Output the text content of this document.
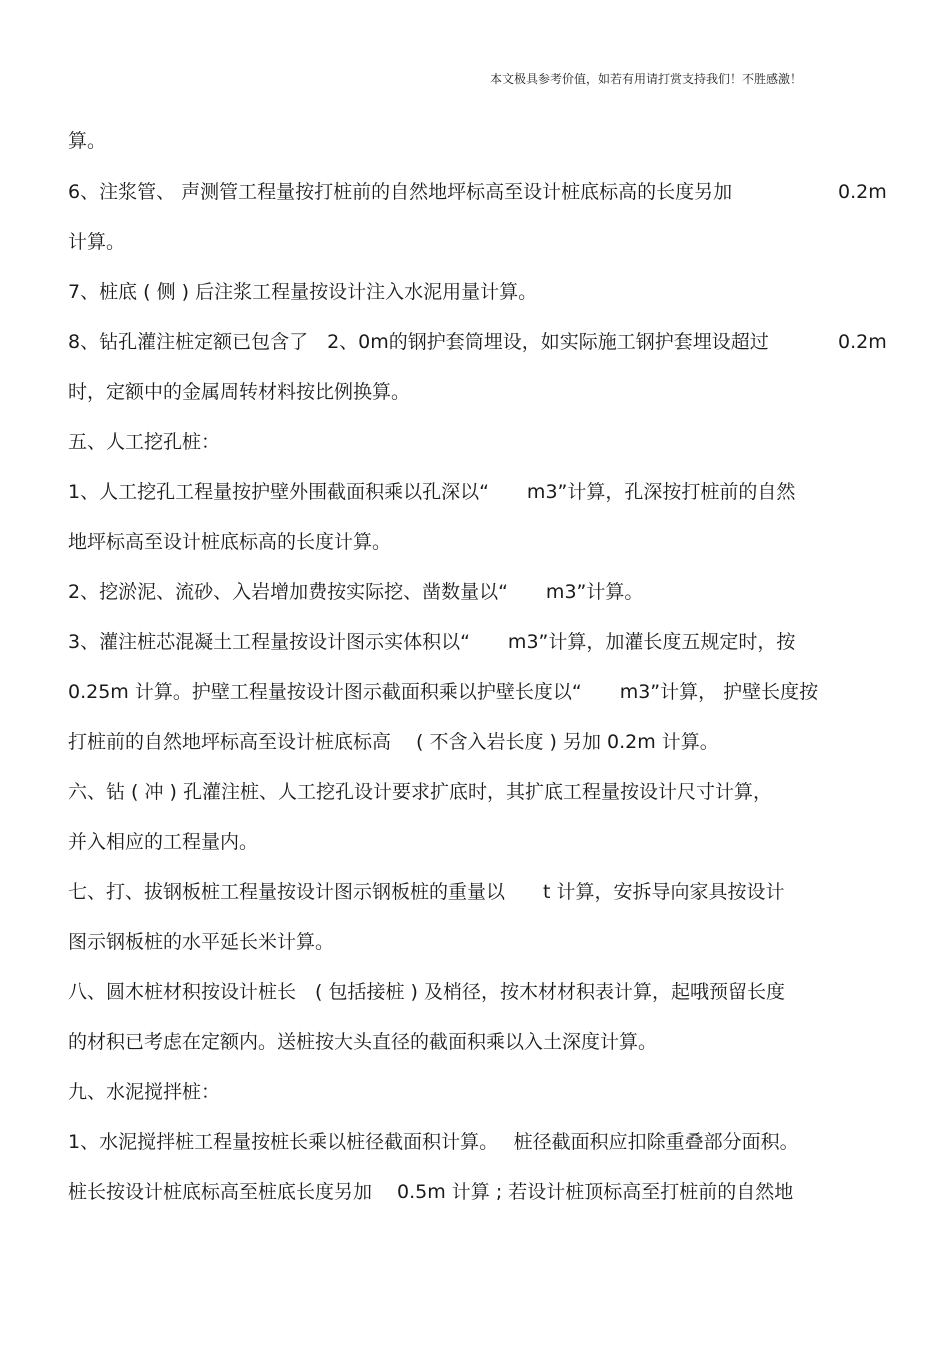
本文极具参考价值，如若有用请打赏支持我们！不胜感激！
算。
6、注浆管、 声测管工程量按打桩前的自然地坪标高至设计桩底标高的长度另加	0.2m
计算。
7、桩底 ( 侧 ) 后注浆工程量按设计注入水泥用量计算。
8、钻孔灌注桩定额已包含了　2、0m的钢护套筒埋设，如实际施工钢护套埋设超过	0.2m
时，定额中的金属周转材料按比例换算。
五、人工挖孔桩：
1、人工挖孔工程量按护壁外围截面积乘以孔深以“　　m3”计算，孔深按打桩前的自然
地坪标高至设计桩底标高的长度计算。
2、挖淤泥、流砂、入岩增加费按实际挖、凿数量以“　　m3”计算。
3、灌注桩芯混凝土工程量按设计图示实体积以“　　m3”计算，加灌长度五规定时，按
0.25m 计算。护壁工程量按设计图示截面积乘以护壁长度以“　　m3”计算， 护壁长度按
打桩前的自然地坪标高至设计桩底标高　 ( 不含入岩长度 ) 另加 0.2m 计算。
六、钻 ( 冲 ) 孔灌注桩、人工挖孔设计要求扩底时，其扩底工程量按设计尺寸计算，
并入相应的工程量内。
七、打、拔钢板桩工程量按设计图示钢板桩的重量以　　t 计算，安拆导向家具按设计
图示钢板桩的水平延长米计算。
八、圆木桩材积按设计桩长　( 包括接桩 ) 及梢径，按木材材积表计算，起哦预留长度
的材积已考虑在定额内。送桩按大头直径的截面积乘以入土深度计算。
九、水泥搅拌桩：
1、水泥搅拌桩工程量按桩长乘以桩径截面积计算。　 桩径截面积应扣除重叠部分面积。
桩长按设计桩底标高至桩底长度另加　 0.5m 计算 ; 若设计桩顶标高至打桩前的自然地
